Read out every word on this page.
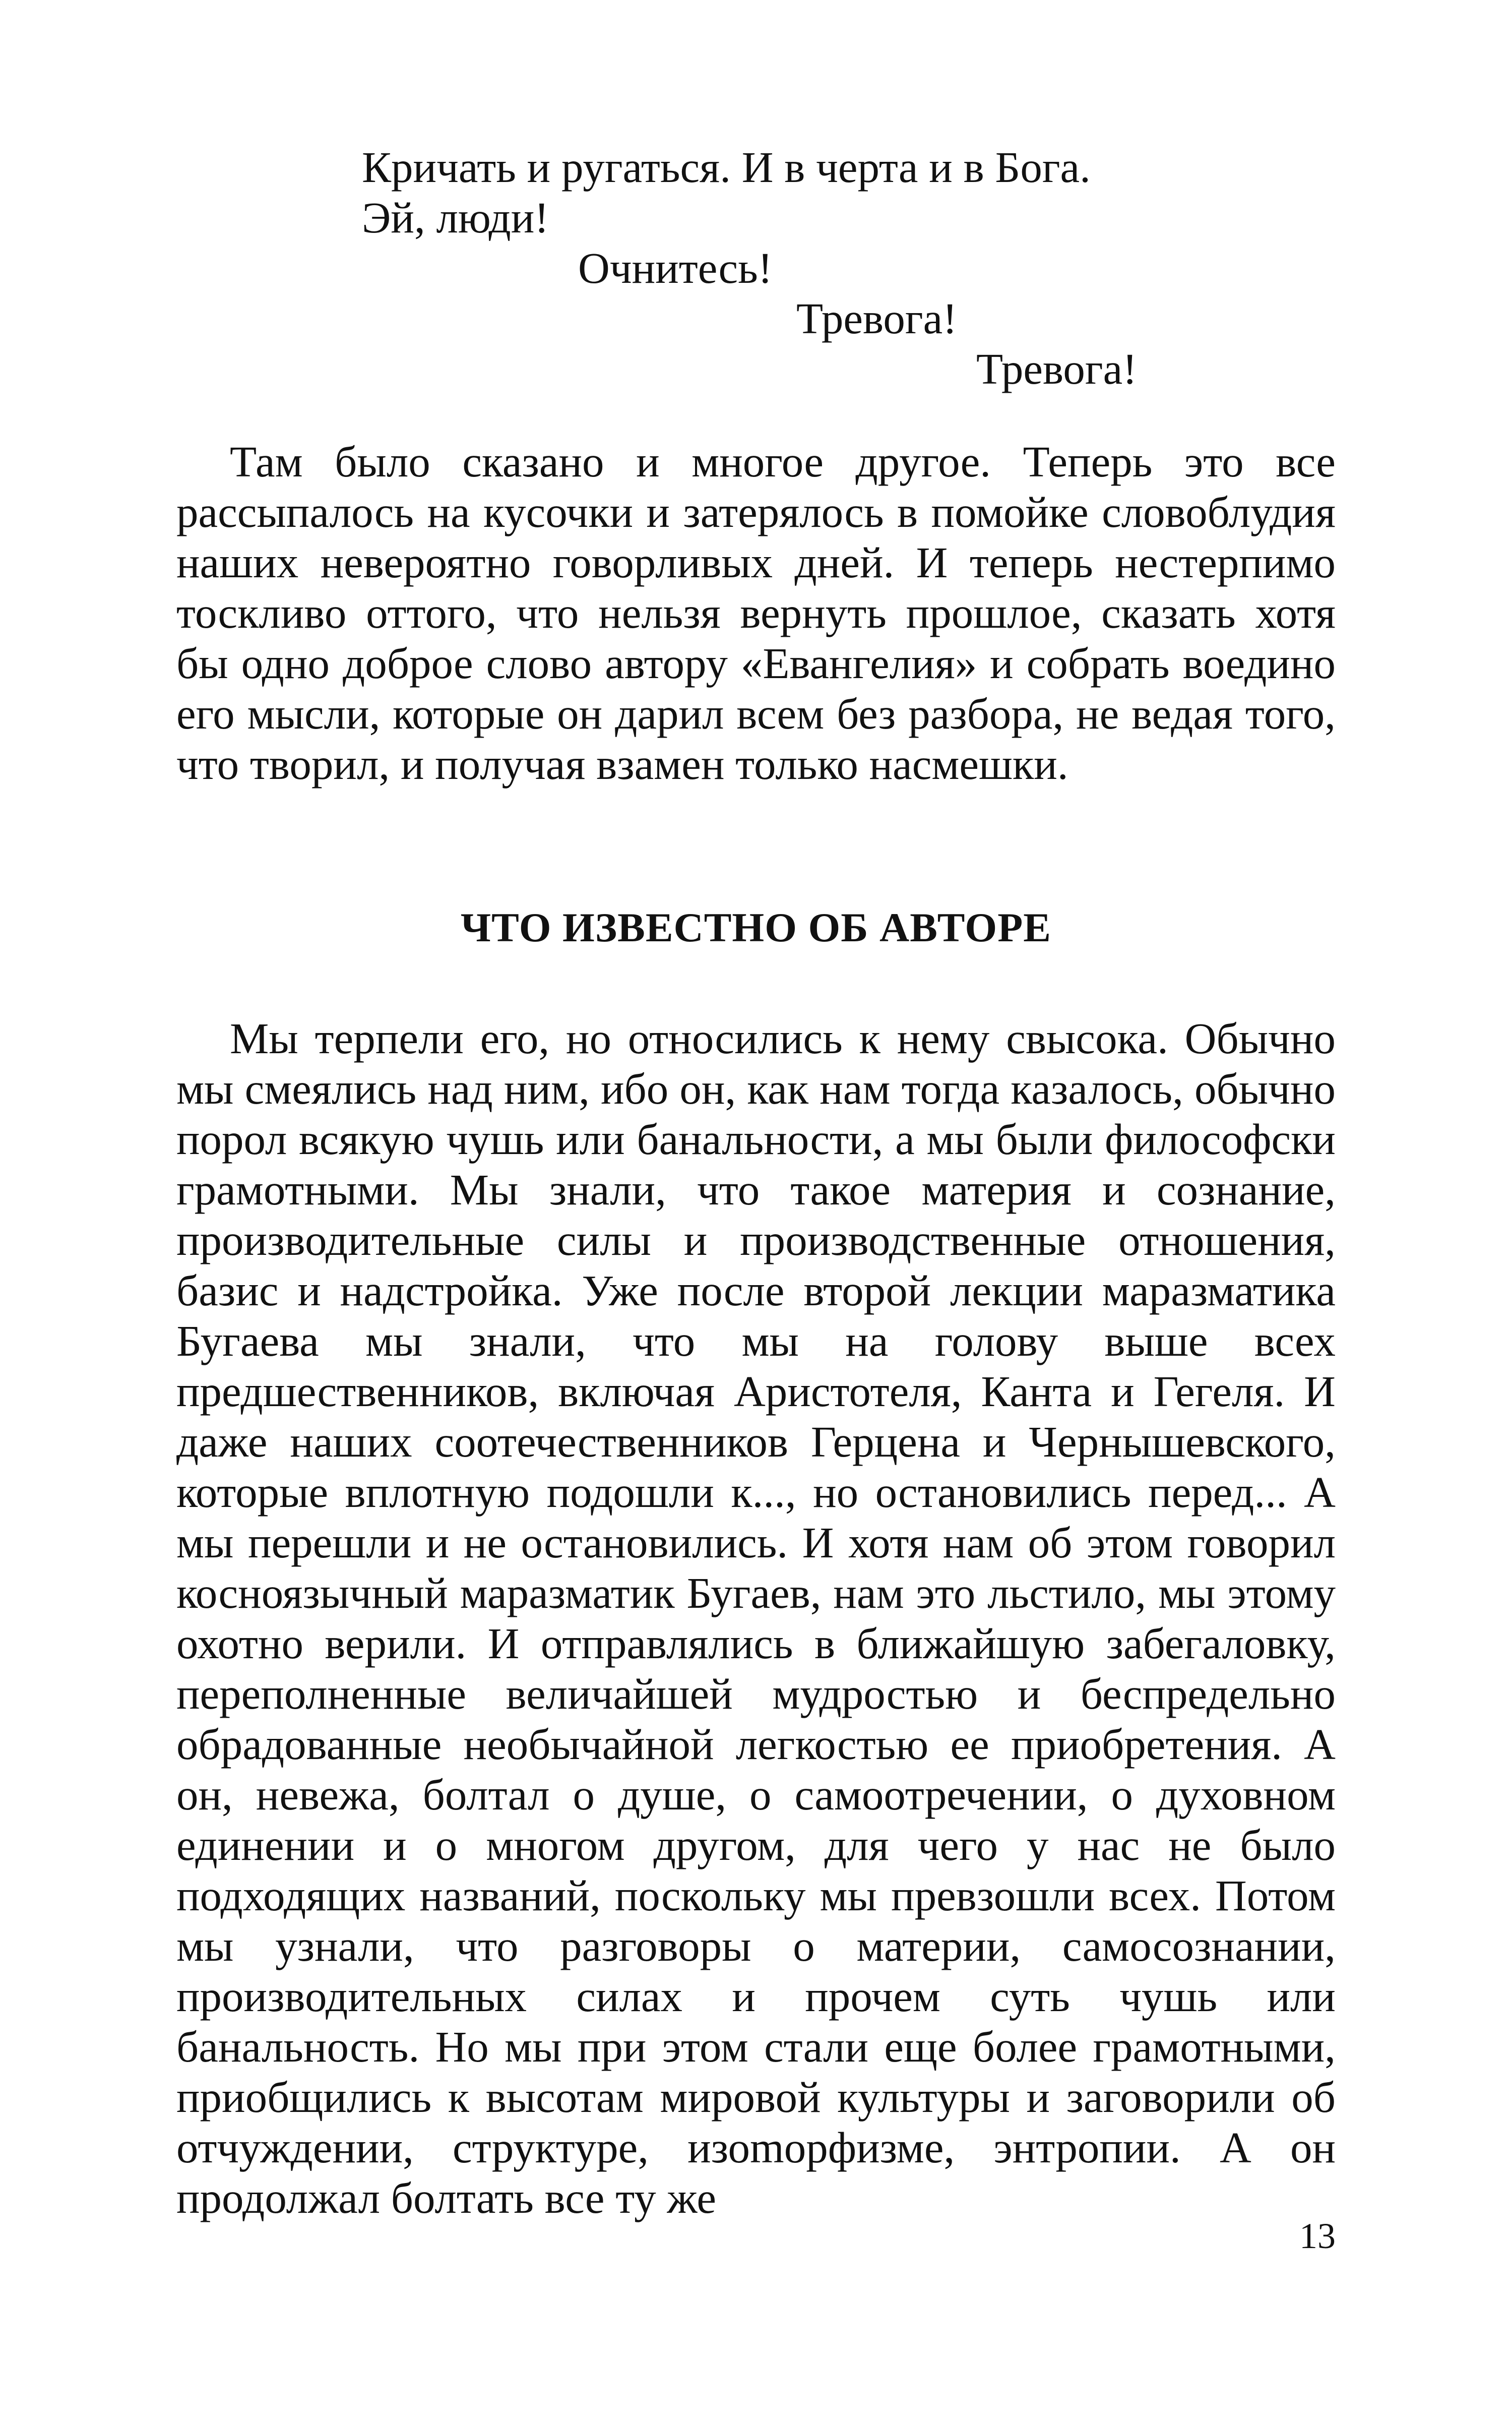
Кричать и ругаться. И в черта и в Бога.
Эй, люди!
Очнитесь!
Тревога!
Тревога!

Там было сказано и многое другое. Теперь это все рассыпалось на кусочки и затерялось в помойке словоблудия наших невероятно говорливых дней. И теперь нестерпимо тоскливо оттого, что нельзя вернуть прошлое, сказать хотя бы одно доброе слово автору «Евангелия» и собрать воедино его мысли, которые он дарил всем без разбора, не ведая того, что творил, и получая взамен только насмешки.

ЧТО ИЗВЕСТНО ОБ АВТОРЕ

Мы терпели его, но относились к нему свысока. Обычно мы смеялись над ним, ибо он, как нам тогда казалось, обычно порол всякую чушь или банальности, а мы были философски грамотными. Мы знали, что такое материя и сознание, производительные силы и производственные отношения, базис и надстройка. Уже после второй лекции маразматика Бугаева мы знали, что мы на голову выше всех предшественников, включая Аристотеля, Канта и Гегеля. И даже наших соотечественников Герцена и Чернышевского, которые вплотную подошли к..., но остановились перед... А мы перешли и не остановились. И хотя нам об этом говорил косноязычный маразматик Бугаев, нам это льстило, мы этому охотно верили. И отправлялись в ближайшую забегаловку, переполненные величайшей мудростью и беспредельно обрадованные необычайной легкостью ее приобретения. А он, невежа, болтал о душе, о самоотречении, о духовном единении и о многом другом, для чего у нас не было подходящих названий, поскольку мы превзошли всех. Потом мы узнали, что разговоры о материи, самосознании, производительных силах и прочем суть чушь или банальность. Но мы при этом стали еще более грамотными, приобщились к высотам мировой культуры и заговорили об отчуждении, структуре, изоmорфизме, энтропии. А он продолжал болтать все ту же

13
